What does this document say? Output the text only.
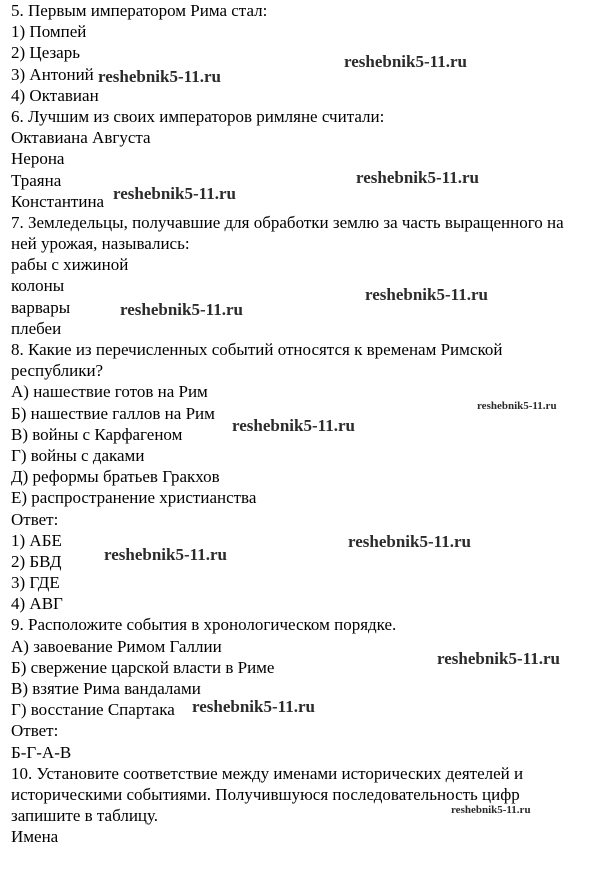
5. Первым императором Рима стал:
1) Помпей
2) Цезарь
3) Антоний
4) Октавиан
6. Лучшим из своих императоров римляне считали:
Октавиана Августа
Нерона
Траяна
Константина
7. Земледельцы, получавшие для обработки землю за часть выращенного на
ней урожая, назывались:
рабы с хижиной
колоны
варвары
плебеи
8. Какие из перечисленных событий относятся к временам Римской
республики?
А) нашествие готов на Рим
Б) нашествие галлов на Рим
В) войны с Карфагеном
Г) войны с даками
Д) реформы братьев Гракхов
Е) распространение христианства
Ответ:
1) АБЕ
2) БВД
3) ГДЕ
4) АВГ
9. Расположите события в хронологическом порядке.
А) завоевание Римом Галлии
Б) свержение царской власти в Риме
В) взятие Рима вандалами
Г) восстание Спартака
Ответ:
Б-Г-А-В
10. Установите соответствие между именами исторических деятелей и
историческими событиями. Получившуюся последовательность цифр
запишите в таблицу.
Имена
reshebnik5-11.ru
reshebnik5-11.ru
reshebnik5-11.ru
reshebnik5-11.ru
reshebnik5-11.ru
reshebnik5-11.ru
reshebnik5-11.ru
reshebnik5-11.ru
reshebnik5-11.ru
reshebnik5-11.ru
reshebnik5-11.ru
reshebnik5-11.ru
reshebnik5-11.ru
